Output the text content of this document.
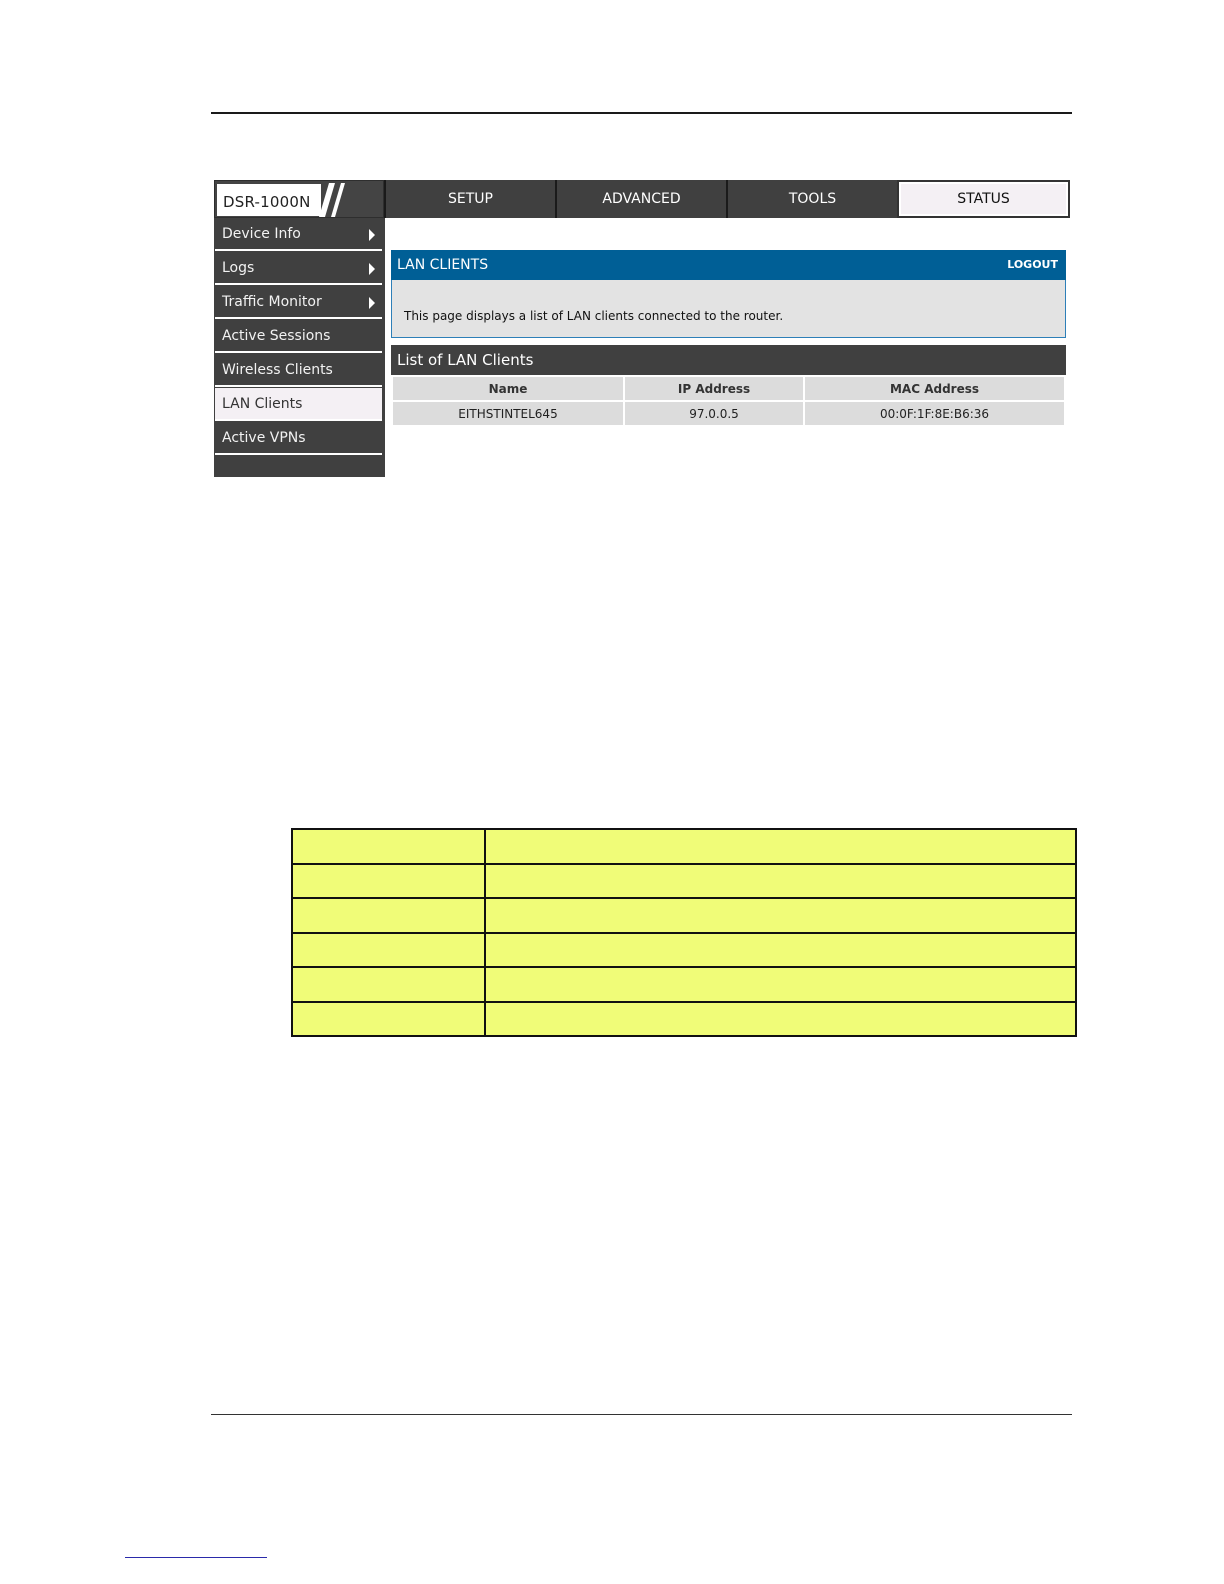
DSR-1000N	SETUP	ADVANCED	TOOLS	STATUS
Device Info
Logs
Traffic Monitor
Active Sessions
Wireless Clients
LAN Clients
Active VPNs
LAN CLIENTS	LOGOUT
This page displays a list of LAN clients connected to the router.
List of LAN Clients
Name	IP Address	MAC Address
EITHSTINTEL645	97.0.0.5	00:0F:1F:8E:B6:36
